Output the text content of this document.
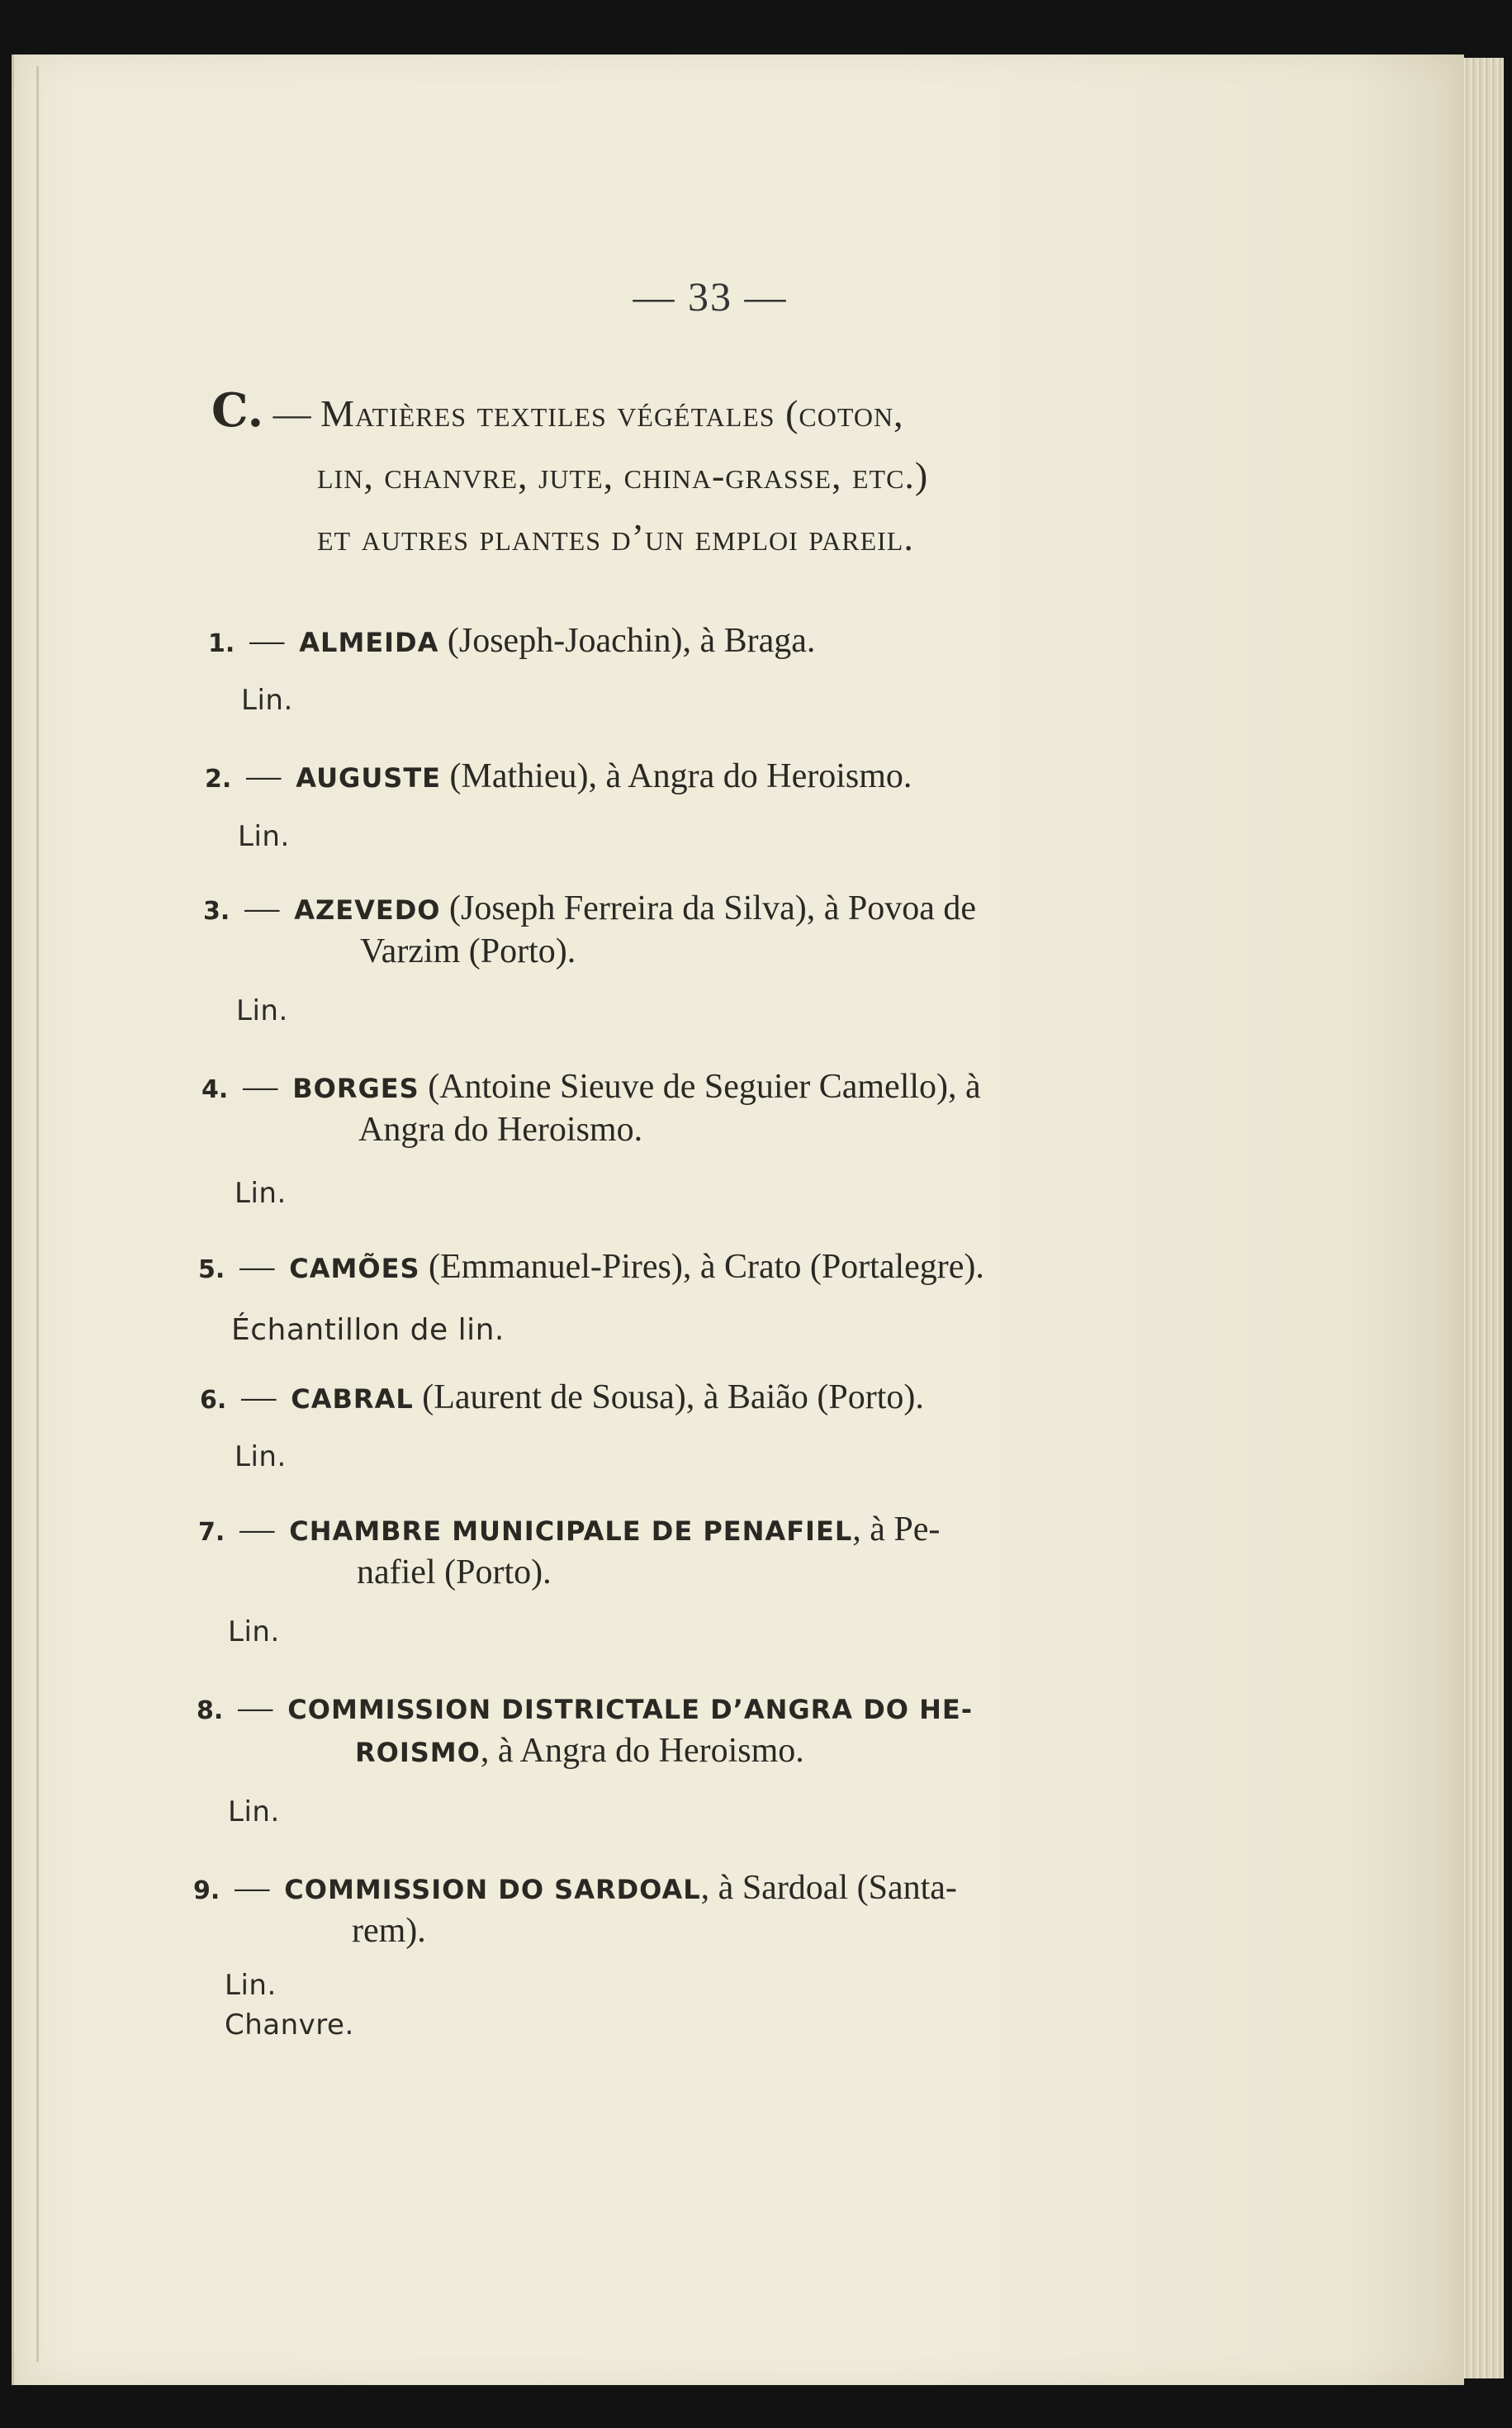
— 33 —
C. — Matières textiles végétales (coton,
lin, chanvre, jute, china-grasse, etc.)
et autres plantes d’un emploi pareil.
1. — ALMEIDA (Joseph-Joachin), à Braga.
Lin.
2. — AUGUSTE (Mathieu), à Angra do Heroismo.
Lin.
3. — AZEVEDO (Joseph Ferreira da Silva), à Povoa de
Varzim (Porto).
Lin.
4. — BORGES (Antoine Sieuve de Seguier Camello), à
Angra do Heroismo.
Lin.
5. — CAMÕES (Emmanuel-Pires), à Crato (Portalegre).
Échantillon de lin.
6. — CABRAL (Laurent de Sousa), à Baião (Porto).
Lin.
7. — CHAMBRE MUNICIPALE DE PENAFIEL, à Pe-
nafiel (Porto).
Lin.
8. — COMMISSION DISTRICTALE D’ANGRA DO HE-
ROISMO, à Angra do Heroismo.
Lin.
9. — COMMISSION DO SARDOAL, à Sardoal (Santa-
rem).
Lin.
Chanvre.
